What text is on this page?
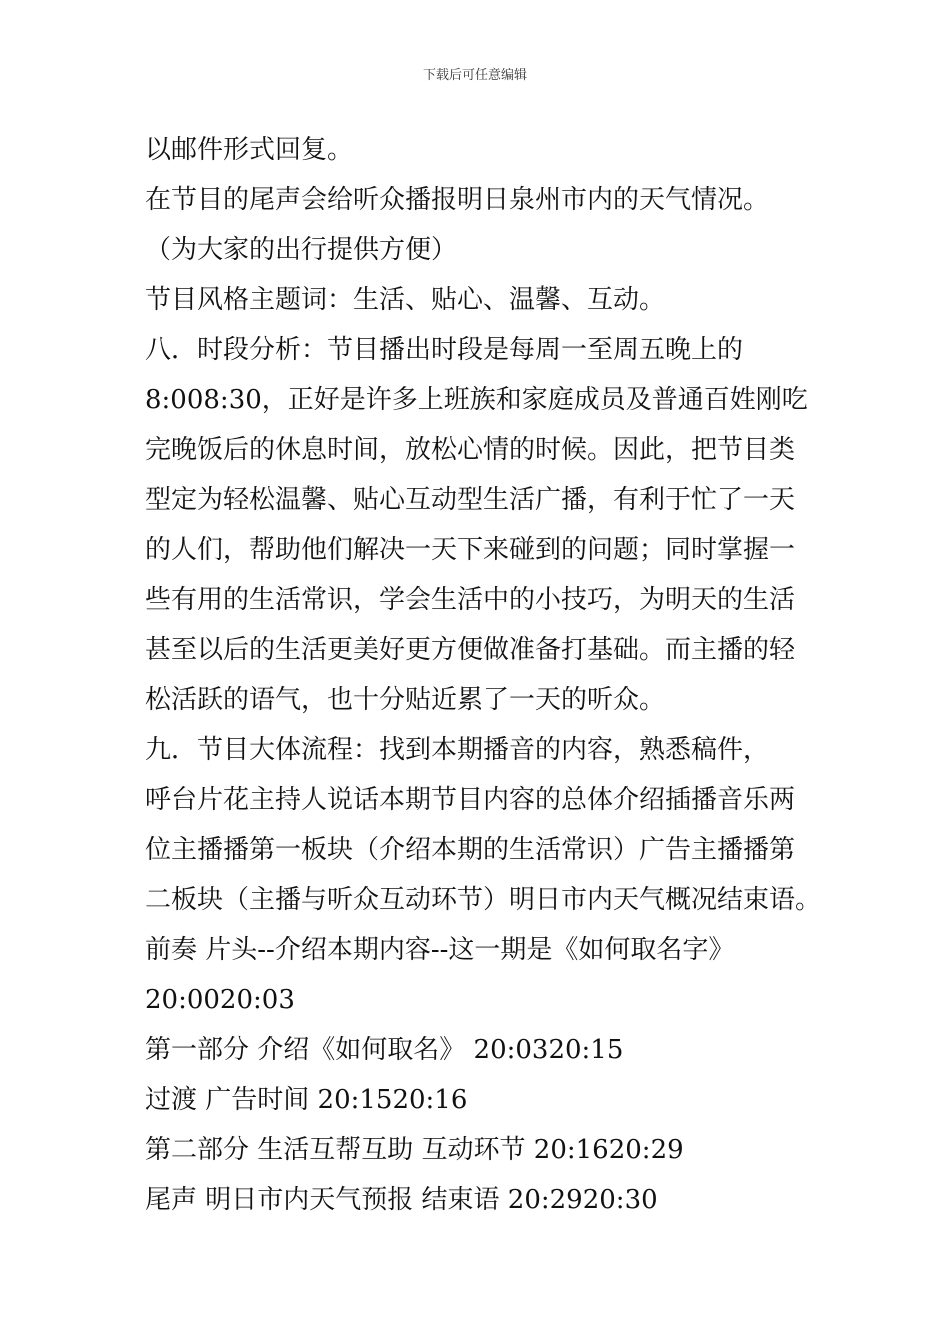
下载后可任意编辑
以邮件形式回复。
在节目的尾声会给听众播报明日泉州市内的天气情况。
（为大家的出行提供方便）
节目风格主题词：生活、贴心、温馨、互动。
八．时段分析：节目播出时段是每周一至周五晚上的
8:008:30，正好是许多上班族和家庭成员及普通百姓刚吃
完晚饭后的休息时间，放松心情的时候。因此，把节目类
型定为轻松温馨、贴心互动型生活广播，有利于忙了一天
的人们，帮助他们解决一天下来碰到的问题；同时掌握一
些有用的生活常识，学会生活中的小技巧，为明天的生活
甚至以后的生活更美好更方便做准备打基础。而主播的轻
松活跃的语气，也十分贴近累了一天的听众。
九．节目大体流程：找到本期播音的内容，熟悉稿件，
呼台片花主持人说话本期节目内容的总体介绍插播音乐两
位主播播第一板块（介绍本期的生活常识）广告主播播第
二板块（主播与听众互动环节）明日市内天气概况结束语。
前奏 片头--介绍本期内容--这一期是《如何取名字》
20:0020:03
第一部分 介绍《如何取名》 20:0320:15
过渡 广告时间 20:1520:16
第二部分 生活互帮互助 互动环节 20:1620:29
尾声 明日市内天气预报 结束语 20:2920:30
